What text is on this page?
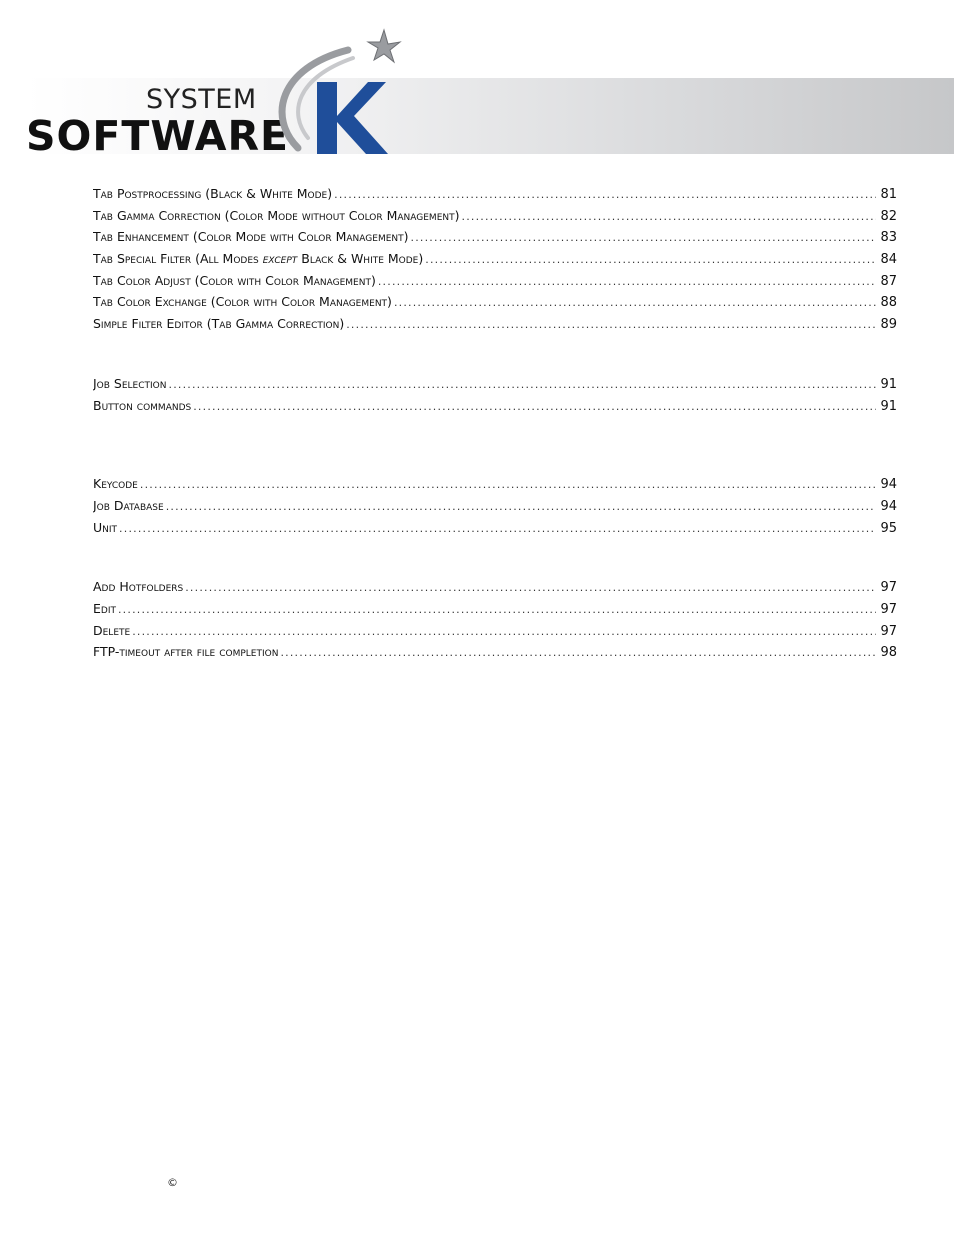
SYSTEM
SOFTWARE
Tab Postprocessing (Black & White Mode) .....	81
Tab Gamma Correction (Color Mode without Color Management) .....	82
Tab Enhancement (Color Mode with Color Management) .....	83
Tab Special Filter (All Modes except Black & White Mode) .....	84
Tab Color Adjust (Color with Color Management) .....	87
Tab Color Exchange (Color with Color Management) .....	88
Simple Filter Editor (Tab Gamma Correction) .....	89
Job Selection .....	91
Button commands .....	91
Keycode .....	94
Job Database .....	94
Unit .....	95
Add Hotfolders .....	97
Edit .....	97
Delete .....	97
FTP-timeout after file completion .....	98
©
